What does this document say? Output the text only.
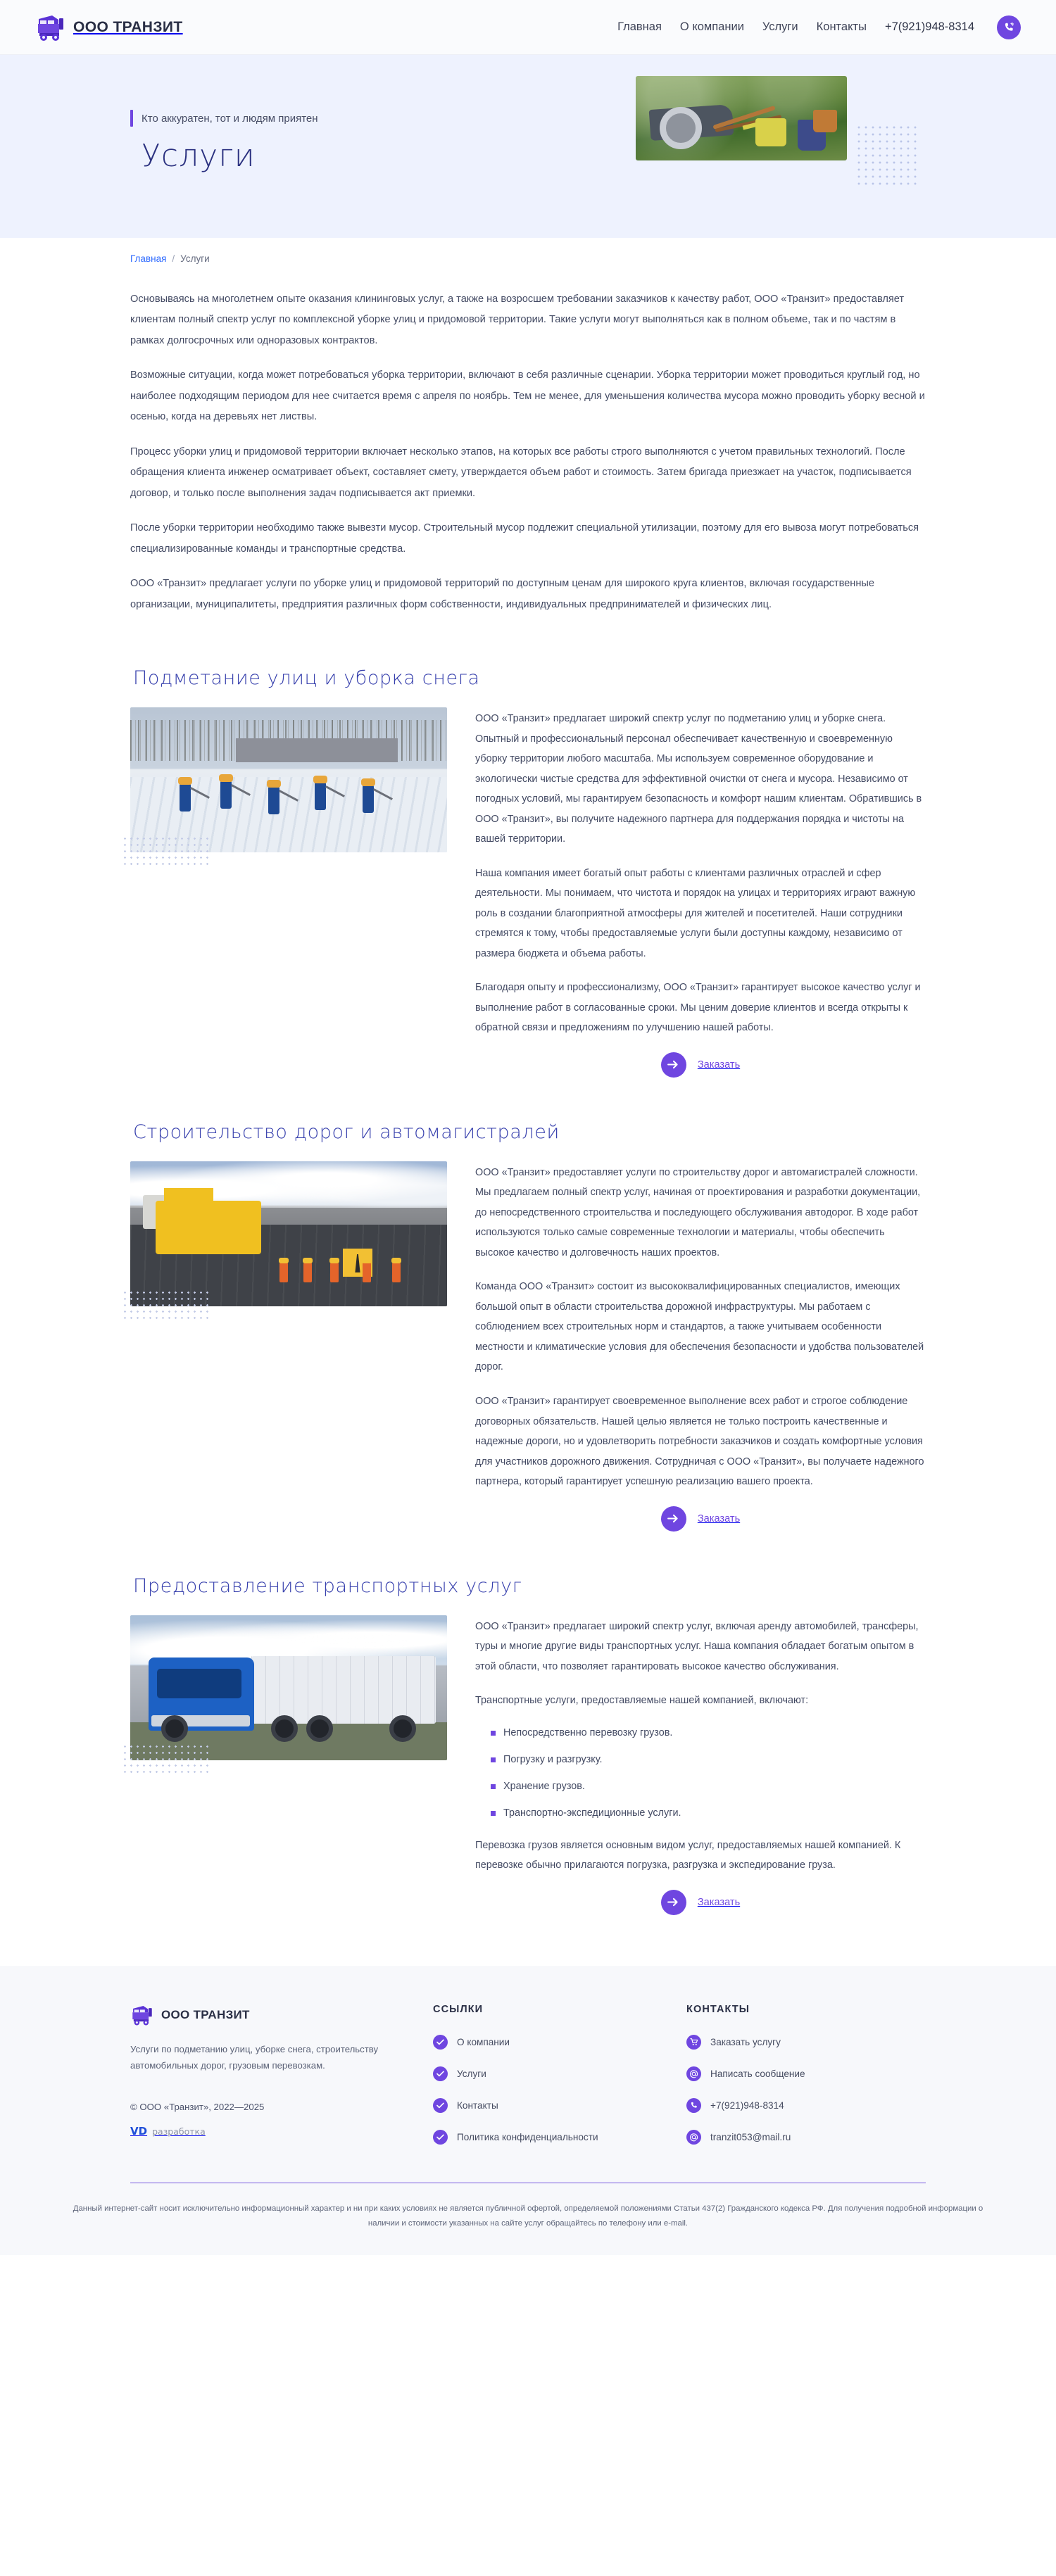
ООО ТРАНЗИТ	Главная О компании Услуги Контакты +7(921)948-8314
Кто аккуратен, тот и людям приятен
Услуги
Главная / Услуги

Основываясь на многолетнем опыте оказания клининговых услуг, а также на возросшем требовании заказчиков к качеству работ, ООО «Транзит» предоставляет клиентам полный спектр услуг по комплексной уборке улиц и придомовой территории. Такие услуги могут выполняться как в полном объеме, так и по частям в рамках долгосрочных или одноразовых контрактов.

Возможные ситуации, когда может потребоваться уборка территории, включают в себя различные сценарии. Уборка территории может проводиться круглый год, но наиболее подходящим периодом для нее считается время с апреля по ноябрь. Тем не менее, для уменьшения количества мусора можно проводить уборку весной и осенью, когда на деревьях нет листвы.

Процесс уборки улиц и придомовой территории включает несколько этапов, на которых все работы строго выполняются с учетом правильных технологий. После обращения клиента инженер осматривает объект, составляет смету, утверждается объем работ и стоимость. Затем бригада приезжает на участок, подписывается договор, и только после выполнения задач подписывается акт приемки.

После уборки территории необходимо также вывезти мусор. Строительный мусор подлежит специальной утилизации, поэтому для его вывоза могут потребоваться специализированные команды и транспортные средства.

ООО «Транзит» предлагает услуги по уборке улиц и придомовой территорий по доступным ценам для широкого круга клиентов, включая государственные организации, муниципалитеты, предприятия различных форм собственности, индивидуальных предпринимателей и физических лиц.

Подметание улиц и уборка снега

ООО «Транзит» предлагает широкий спектр услуг по подметанию улиц и уборке снега. Опытный и профессиональный персонал обеспечивает качественную и своевременную уборку территории любого масштаба. Мы используем современное оборудование и экологически чистые средства для эффективной очистки от снега и мусора. Независимо от погодных условий, мы гарантируем безопасность и комфорт нашим клиентам. Обратившись в ООО «Транзит», вы получите надежного партнера для поддержания порядка и чистоты на вашей территории.

Наша компания имеет богатый опыт работы с клиентами различных отраслей и сфер деятельности. Мы понимаем, что чистота и порядок на улицах и территориях играют важную роль в создании благоприятной атмосферы для жителей и посетителей. Наши сотрудники стремятся к тому, чтобы предоставляемые услуги были доступны каждому, независимо от размера бюджета и объема работы.

Благодаря опыту и профессионализму, ООО «Транзит» гарантирует высокое качество услуг и выполнение работ в согласованные сроки. Мы ценим доверие клиентов и всегда открыты к обратной связи и предложениям по улучшению нашей работы.

Заказать
Строительство дорог и автомагистралей

ООО «Транзит» предоставляет услуги по строительству дорог и автомагистралей сложности. Мы предлагаем полный спектр услуг, начиная от проектирования и разработки документации, до непосредственного строительства и последующего обслуживания автодорог. В ходе работ используются только самые современные технологии и материалы, чтобы обеспечить высокое качество и долговечность наших проектов.

Команда ООО «Транзит» состоит из высококвалифицированных специалистов, имеющих большой опыт в области строительства дорожной инфраструктуры. Мы работаем с соблюдением всех строительных норм и стандартов, а также учитываем особенности местности и климатические условия для обеспечения безопасности и удобства пользователей дорог.

ООО «Транзит» гарантирует своевременное выполнение всех работ и строгое соблюдение договорных обязательств. Нашей целью является не только построить качественные и надежные дороги, но и удовлетворить потребности заказчиков и создать комфортные условия для участников дорожного движения. Сотрудничая с ООО «Транзит», вы получаете надежного партнера, который гарантирует успешную реализацию вашего проекта.

Заказать
Предоставление транспортных услуг

ООО «Транзит» предлагает широкий спектр услуг, включая аренду автомобилей, трансферы, туры и многие другие виды транспортных услуг. Наша компания обладает богатым опытом в этой области, что позволяет гарантировать высокое качество обслуживания.

Транспортные услуги, предоставляемые нашей компанией, включают:

Непосредственно перевозку грузов.
Погрузку и разгрузку.
Хранение грузов.
Транспортно-экспедиционные услуги.

Перевозка грузов является основным видом услуг, предоставляемых нашей компанией. К перевозке обычно прилагаются погрузка, разгрузка и экспедирование груза.

Заказать
ООО ТРАНЗИТ

Услуги по подметанию улиц, уборке снега, строительству автомобильных дорог, грузовым перевозкам.

© ООО «Транзит», 2022—2025
VD разработка
ССЫЛКИ
О компании
Услуги
Контакты
Политика конфиденциальности
КОНТАКТЫ
Заказать услугу
Написать сообщение
+7(921)948-8314
tranzit053@mail.ru
Данный интернет-сайт носит исключительно информационный характер и ни при каких условиях не является публичной офертой, определяемой положениями Статьи 437(2) Гражданского кодекса РФ. Для получения подробной информации о наличии и стоимости указанных на сайте услуг обращайтесь по телефону или e-mail.
